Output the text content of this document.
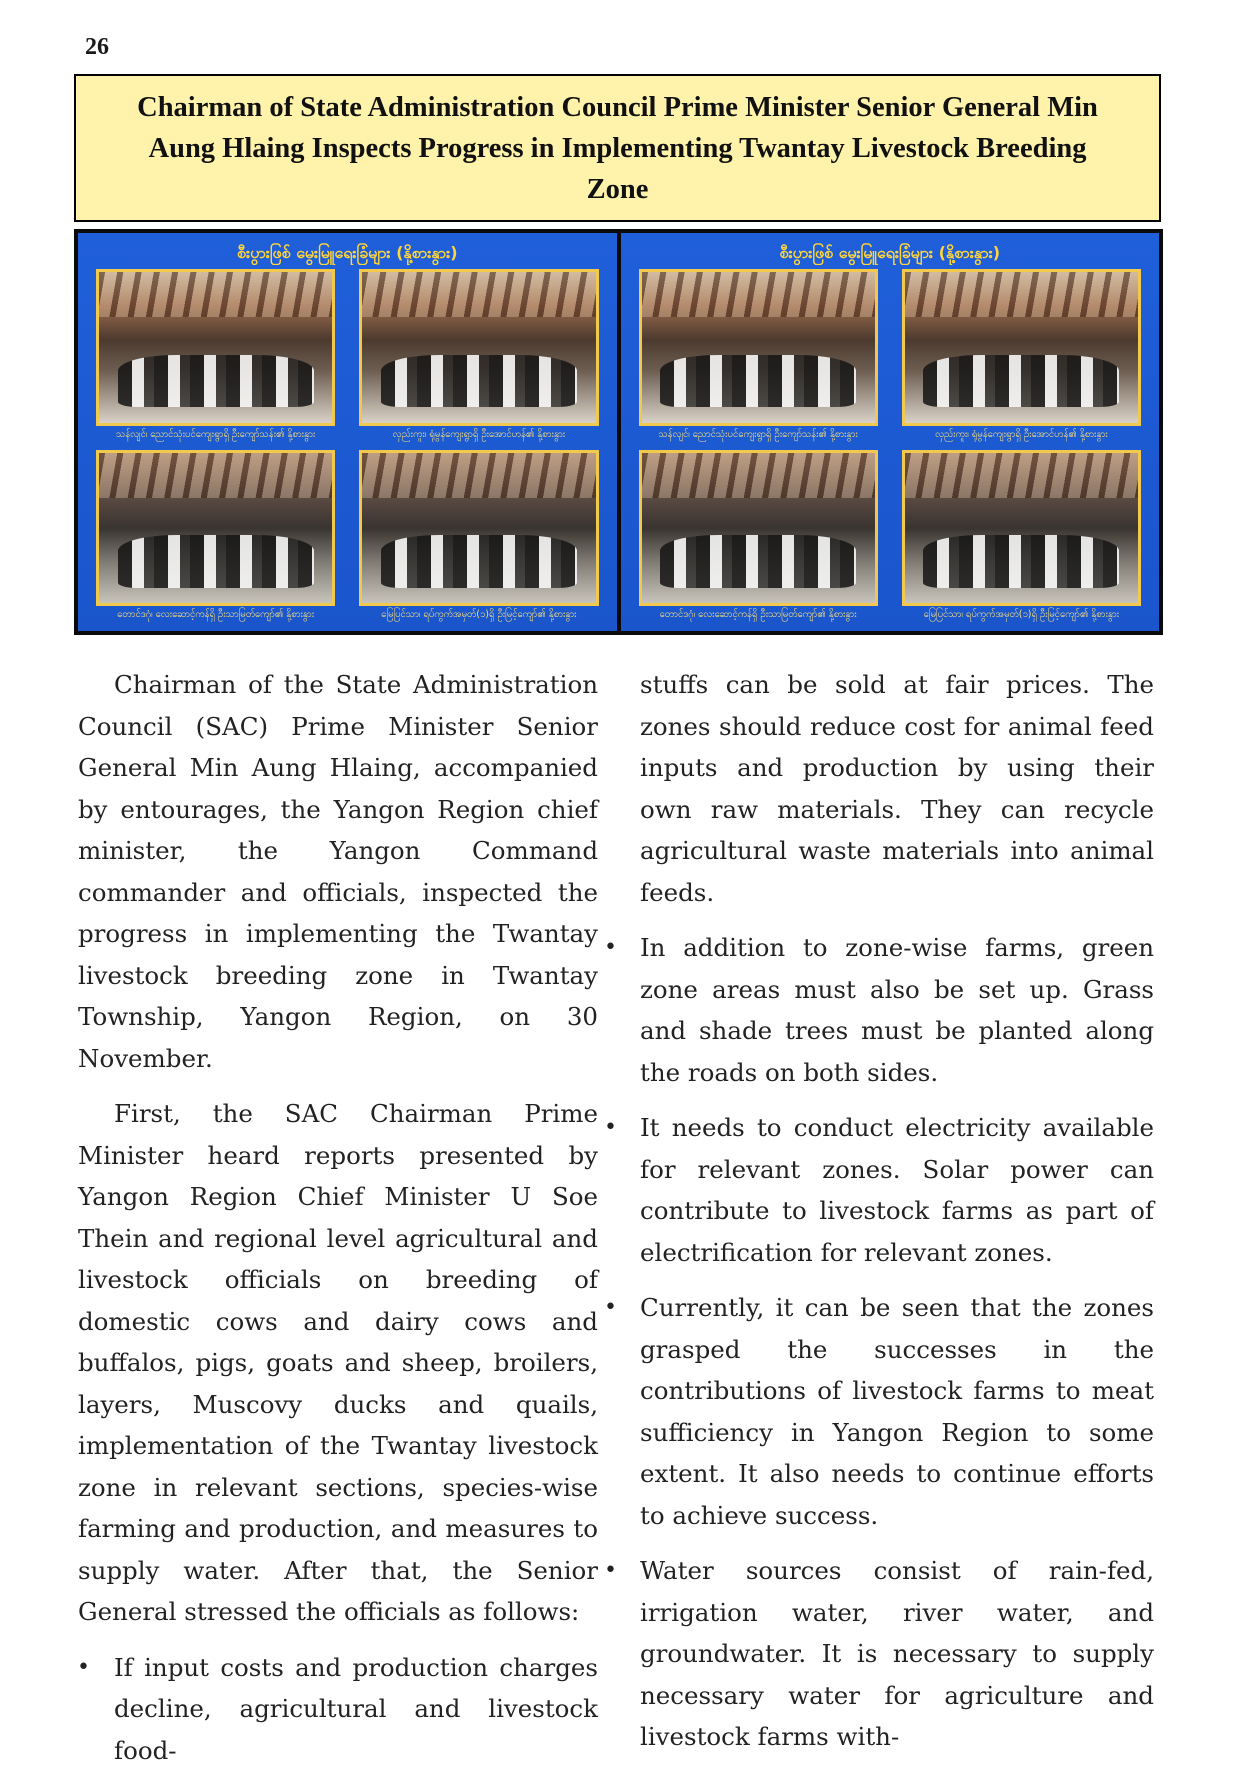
26
Chairman of State Administration Council Prime Minister Senior General Min Aung Hlaing Inspects Progress in Implementing Twantay Livestock Breeding Zone
စီးပွားဖြစ် မွေးမြူရေးခြံများ (နို့စားနွား)
သန်လျင်၊ ညောင်သုံးပင်ကျေးရွာရှိ ဦးကျော်သန်း၏ နို့စားနွား	လှည်းကူး၊ ရုံမွန်ကျေးရွာရှိ ဦးအောင်ဟန်၏ နို့စားနွား
တောင်ဒဂုံ၊ လေးဆောင့်ကန်ရှိ ဦးသာမြတ်ကျော်၏ နို့စားနွား	မြေပြင်သာ၊ ရပ်ကွက်အမှတ်(၁)ရှိ ဦးမြင့်ကျော်၏ နို့စားနွား
စီးပွားဖြစ် မွေးမြူရေးခြံများ (နို့စားနွား)
သန်လျင်၊ ညောင်သုံးပင်ကျေးရွာရှိ ဦးကျော်သန်း၏ နို့စားနွား	လှည်းကူး၊ ရုံမွန်ကျေးရွာရှိ ဦးအောင်ဟန်၏ နို့စားနွား
တောင်ဒဂုံ၊ လေးဆောင့်ကန်ရှိ ဦးသာမြတ်ကျော်၏ နို့စားနွား	မြေပြင်သာ၊ ရပ်ကွက်အမှတ်(၁)ရှိ ဦးမြင့်ကျော်၏ နို့စားနွား

Chairman of the State Administration Council (SAC) Prime Minister Senior General Min Aung Hlaing, accompanied by entourages, the Yangon Region chief minister, the Yangon Command commander and officials, inspected the progress in implementing the Twantay livestock breeding zone in Twantay Township, Yangon Region, on 30 November.

First, the SAC Chairman Prime Minister heard reports presented by Yangon Region Chief Minister U Soe Thein and regional level agricultural and livestock officials on breeding of domestic cows and dairy cows and buffalos, pigs, goats and sheep, broilers, layers, Muscovy ducks and quails, implementation of the Twantay livestock zone in relevant sections, species-wise farming and production, and measures to supply water. After that, the Senior General stressed the officials as follows:

• If input costs and production charges decline, agricultural and livestock food-

stuffs can be sold at fair prices. The zones should reduce cost for animal feed inputs and production by using their own raw materials. They can recycle agricultural waste materials into animal feeds.

• In addition to zone-wise farms, green zone areas must also be set up. Grass and shade trees must be planted along the roads on both sides.
• It needs to conduct electricity available for relevant zones. Solar power can contribute to livestock farms as part of electrification for relevant zones.
• Currently, it can be seen that the zones grasped the successes in the contributions of livestock farms to meat sufficiency in Yangon Region to some extent. It also needs to continue efforts to achieve success.
• Water sources consist of rain-fed, irrigation water, river water, and groundwater. It is necessary to supply necessary water for agriculture and livestock farms with-
